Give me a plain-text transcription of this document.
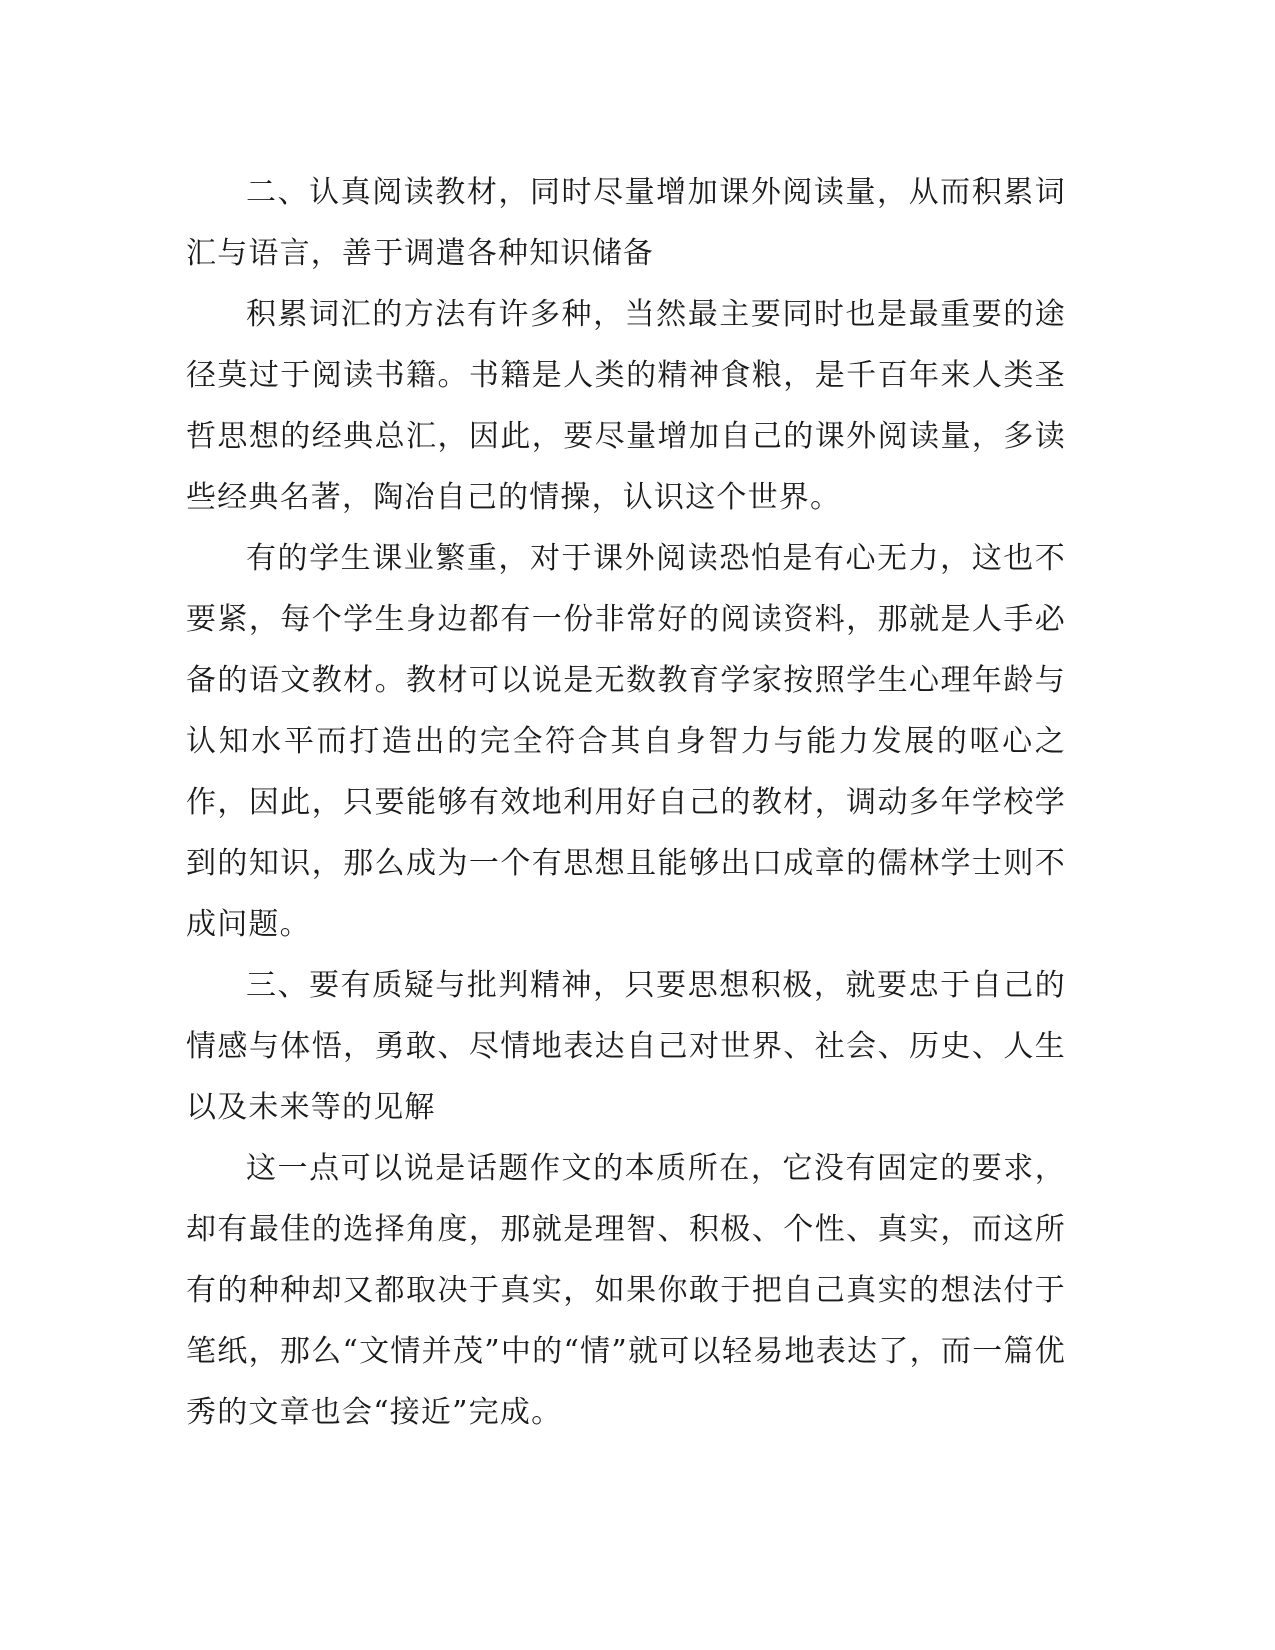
二、认真阅读教材，同时尽量增加课外阅读量，从而积累词汇与语言，善于调遣各种知识储备

积累词汇的方法有许多种，当然最主要同时也是最重要的途径莫过于阅读书籍。书籍是人类的精神食粮，是千百年来人类圣哲思想的经典总汇，因此，要尽量增加自己的课外阅读量，多读些经典名著，陶冶自己的情操，认识这个世界。

有的学生课业繁重，对于课外阅读恐怕是有心无力，这也不要紧，每个学生身边都有一份非常好的阅读资料，那就是人手必备的语文教材。教材可以说是无数教育学家按照学生心理年龄与认知水平而打造出的完全符合其自身智力与能力发展的呕心之作，因此，只要能够有效地利用好自己的教材，调动多年学校学到的知识，那么成为一个有思想且能够出口成章的儒林学士则不成问题。

三、要有质疑与批判精神，只要思想积极，就要忠于自己的情感与体悟，勇敢、尽情地表达自己对世界、社会、历史、人生以及未来等的见解

这一点可以说是话题作文的本质所在，它没有固定的要求，却有最佳的选择角度，那就是理智、积极、个性、真实，而这所有的种种却又都取决于真实，如果你敢于把自己真实的想法付于笔纸，那么“文情并茂”中的“情”就可以轻易地表达了，而一篇优秀的文章也会“接近”完成。
